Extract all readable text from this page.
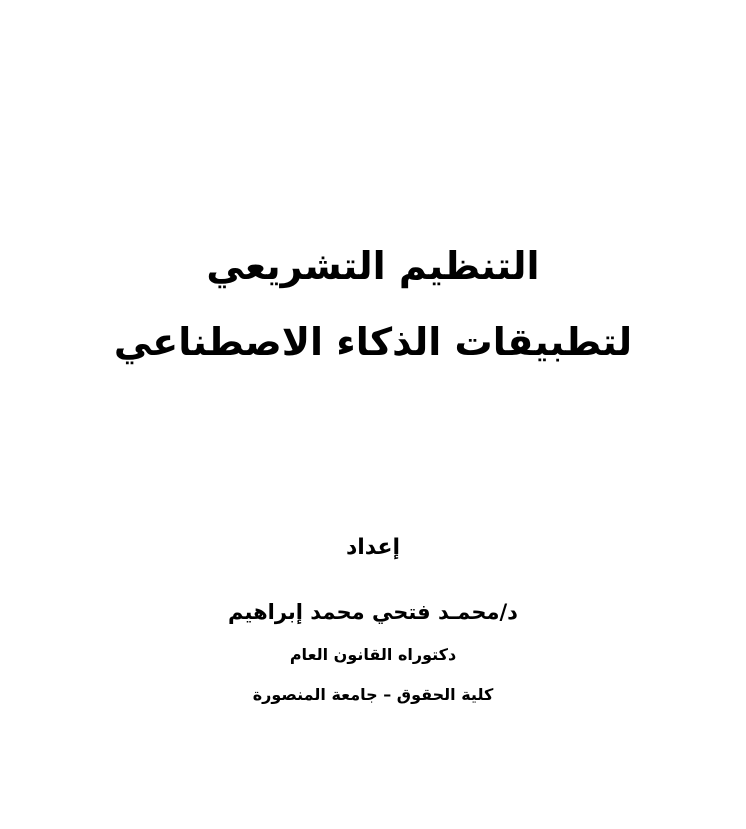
التنظيم التشريعي
لتطبيقات الذكاء الاصطناعي
إعداد
د/محمـد فتحي محمد إبراهيم
دكتوراه القانون العام
كلية الحقوق – جامعة المنصورة
